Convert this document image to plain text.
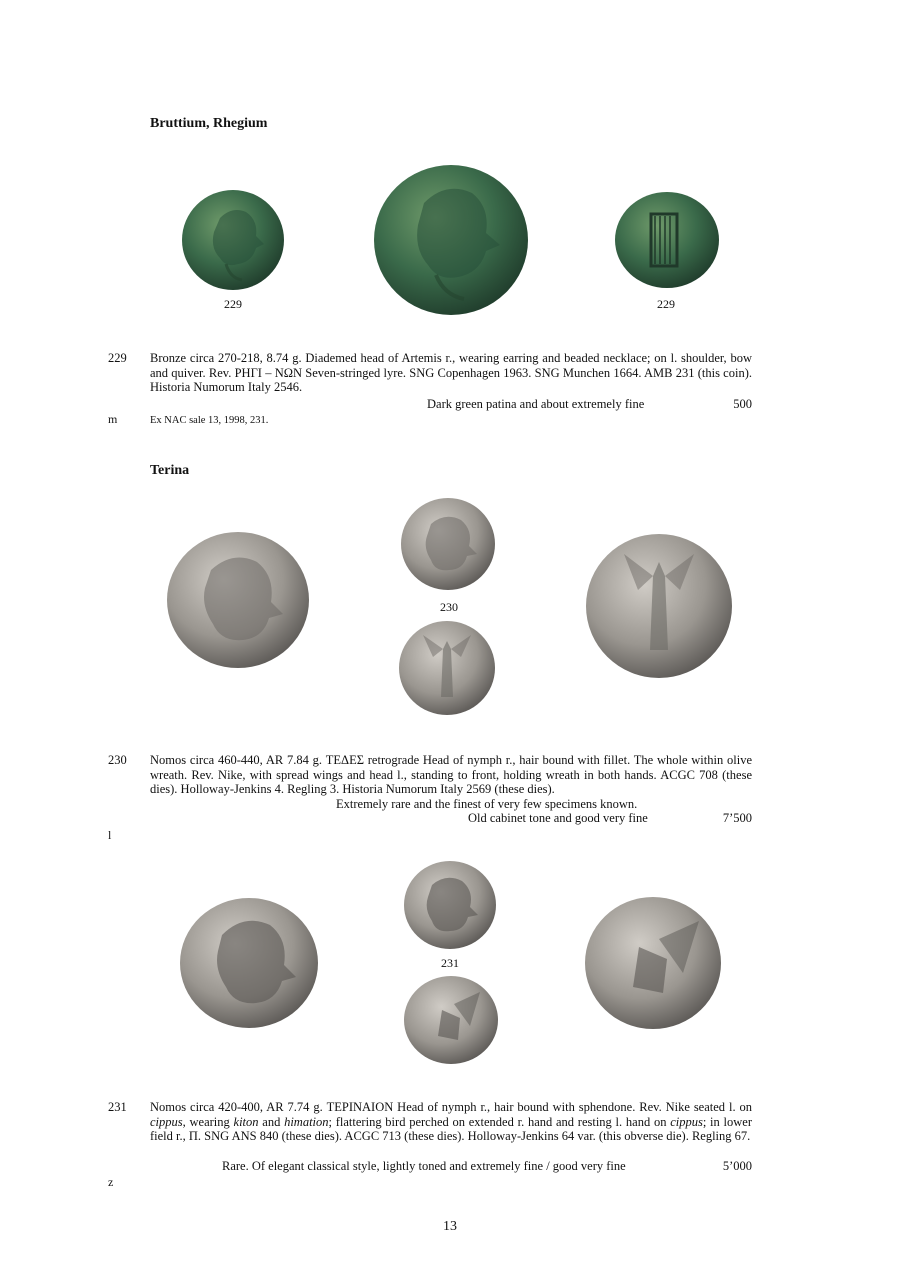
Bruttium, Rhegium
229	229
229 Bronze circa 270-218, 8.74 g. Diademed head of Artemis r., wearing earring and beaded necklace; on l. shoulder, bow and quiver. Rev. ΡΗΓΙ – ΝΩΝ Seven-stringed lyre. SNG Copenhagen 1963. SNG Munchen 1664. AMB 231 (this coin). Historia Numorum Italy 2546.

Dark green patina and about extremely fine	500
m	Ex NAC sale 13, 1998, 231.
Terina
230
230 Nomos circa 460-440, AR 7.84 g. ΤΕΔΕΣ retrograde Head of nymph r., hair bound with fillet. The whole within olive wreath. Rev. Nike, with spread wings and head l., standing to front, holding wreath in both hands. ACGC 708 (these dies). Holloway-Jenkins 4. Regling 3. Historia Numorum Italy 2569 (these dies).

Extremely rare and the finest of very few specimens known.
Old cabinet tone and good very fine	7’500
l
231
231 Nomos circa 420-400, AR 7.74 g. ΤΕΡΙΝΑΙΟΝ Head of nymph r., hair bound with sphendone. Rev. Nike seated l. on cippus, wearing kiton and himation; flattering bird perched on extended r. hand and resting l. hand on cippus; in lower field r., Π. SNG ANS 840 (these dies). ACGC 713 (these dies). Holloway-Jenkins 64 var. (this obverse die). Regling 67.

Rare. Of elegant classical style, lightly toned and extremely fine / good very fine	5’000
z
13
